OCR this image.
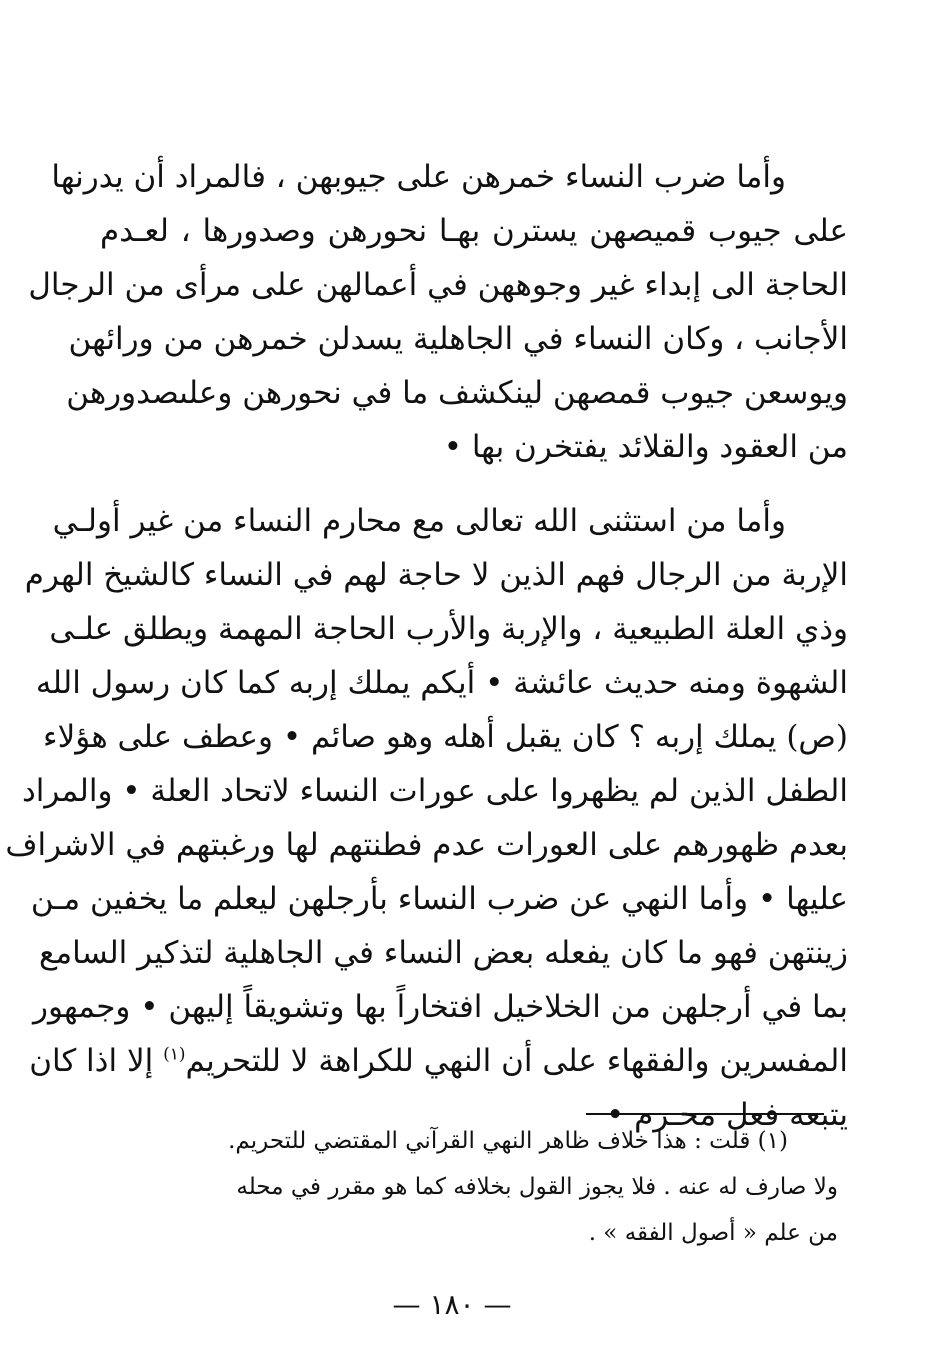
وأما ضرب النساء خمرهن على جيوبهن ، فالمراد أن يدرنها
على جيوب قميصهن يسترن بهـا نحورهن وصدورها ، لعـدم
الحاجة الى إبداء غير وجوههن في أعمالهن على مرأى من الرجال
الأجانب ، وكان النساء في الجاهلية يسدلن خمرهن من ورائهن
ويوسعن جيوب قمصهن لينكشف ما في نحورهن وعلىصدورهن
من العقود والقلائد يفتخرن بها •

وأما من استثنى الله تعالى مع محارم النساء من غير أولـي
الإربة من الرجال فهم الذين لا حاجة لهم في النساء كالشيخ الهرم
وذي العلة الطبيعية ، والإربة والأرب الحاجة المهمة ويطلق علـى
الشهوة ومنه حديث عائشة • أيكم يملك إربه كما كان رسول الله
(ص) يملك إربه ؟ كان يقبل أهله وهو صائم • وعطف على هؤلاء
الطفل الذين لم يظهروا على عورات النساء لاتحاد العلة • والمراد
بعدم ظهورهم على العورات عدم فطنتهم لها ورغبتهم في الاشراف
عليها • وأما النهي عن ضرب النساء بأرجلهن ليعلم ما يخفين مـن
زينتهن فهو ما كان يفعله بعض النساء في الجاهلية لتذكير السامع
بما في أرجلهن من الخلاخيل افتخاراً بها وتشويقاً إليهن • وجمهور
المفسرين والفقهاء على أن النهي للكراهة لا للتحريم$^{(١)}$ إلا اذا كان
يتبعه فعل محـرم •

(١) قلت : هذا خلاف ظاهر النهي القرآني المقتضي للتحريم.
ولا صارف له عنه . فلا يجوز القول بخلافه كما هو مقرر في محله
من علم « أصول الفقه » .
— ١٨٠ —
